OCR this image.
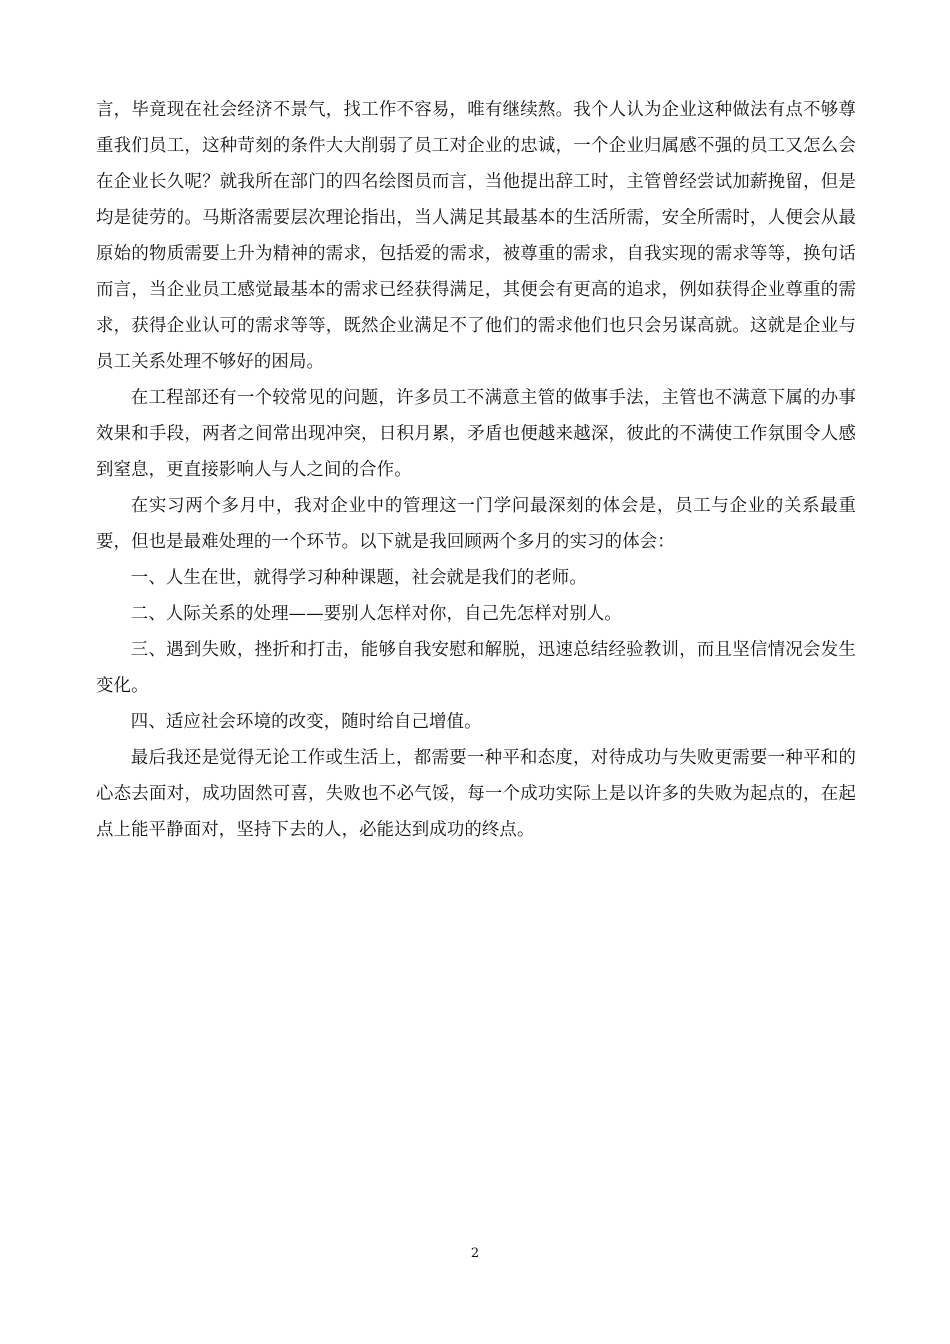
言，毕竟现在社会经济不景气，找工作不容易，唯有继续熬。我个人认为企业这种做法有点不够尊重我们员工，这种苛刻的条件大大削弱了员工对企业的忠诚，一个企业归属感不强的员工又怎么会在企业长久呢？就我所在部门的四名绘图员而言，当他提出辞工时，主管曾经尝试加薪挽留，但是均是徒劳的。马斯洛需要层次理论指出，当人满足其最基本的生活所需，安全所需时，人便会从最原始的物质需要上升为精神的需求，包括爱的需求，被尊重的需求，自我实现的需求等等，换句话而言，当企业员工感觉最基本的需求已经获得满足，其便会有更高的追求，例如获得企业尊重的需求，获得企业认可的需求等等，既然企业满足不了他们的需求他们也只会另谋高就。这就是企业与员工关系处理不够好的困局。

在工程部还有一个较常见的问题，许多员工不满意主管的做事手法，主管也不满意下属的办事效果和手段，两者之间常出现冲突，日积月累，矛盾也便越来越深，彼此的不满使工作氛围令人感到窒息，更直接影响人与人之间的合作。

在实习两个多月中，我对企业中的管理这一门学问最深刻的体会是，员工与企业的关系最重要，但也是最难处理的一个环节。以下就是我回顾两个多月的实习的体会：

一、人生在世，就得学习种种课题，社会就是我们的老师。

二、人际关系的处理——要别人怎样对你，自己先怎样对别人。

三、遇到失败，挫折和打击，能够自我安慰和解脱，迅速总结经验教训，而且坚信情况会发生变化。

四、适应社会环境的改变，随时给自己增值。

最后我还是觉得无论工作或生活上，都需要一种平和态度，对待成功与失败更需要一种平和的心态去面对，成功固然可喜，失败也不必气馁，每一个成功实际上是以许多的失败为起点的，在起点上能平静面对，坚持下去的人，必能达到成功的终点。

2
